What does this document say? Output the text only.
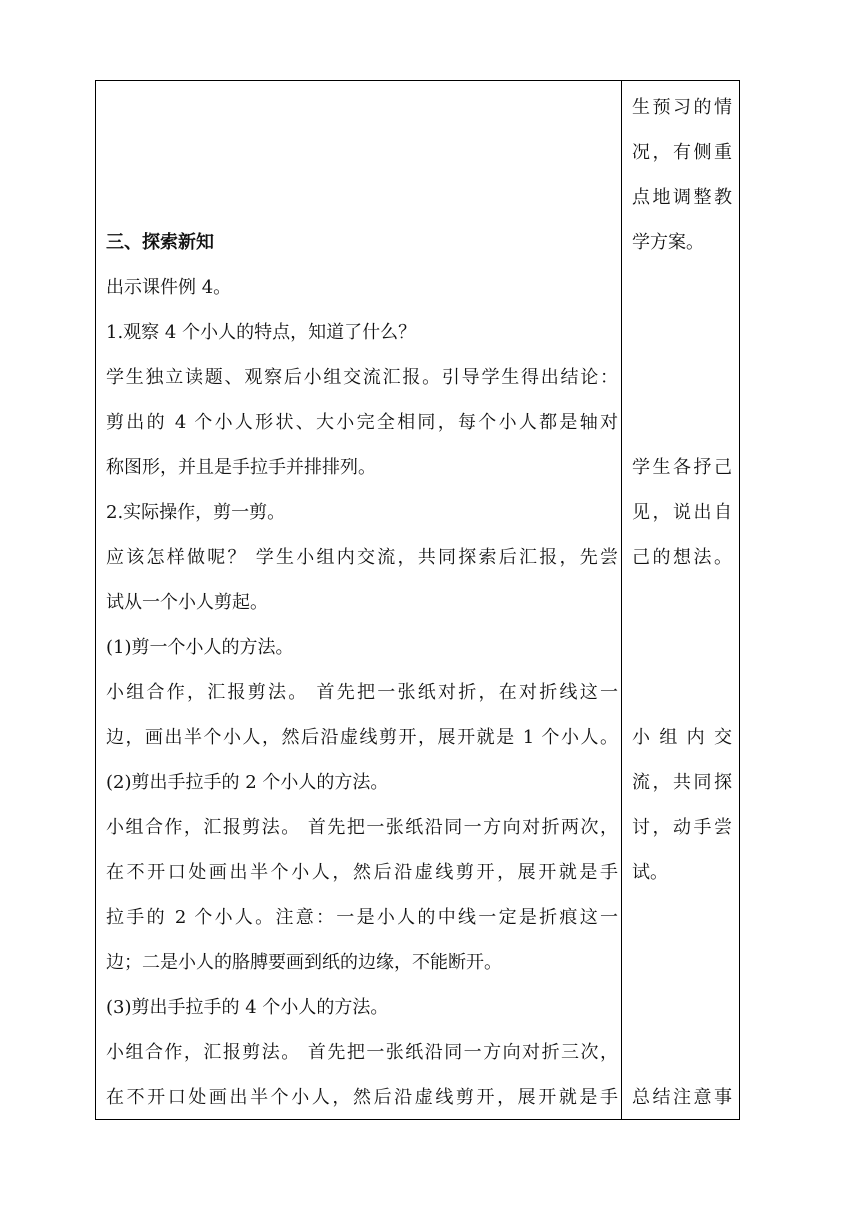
三、探索新知
出示课件例 4。
1.观察 4 个小人的特点，知道了什么？
学生独立读题、观察后小组交流汇报。引导学生得出结论：
剪出的 4 个小人形状、大小完全相同，每个小人都是轴对
称图形，并且是手拉手并排排列。
2.实际操作，剪一剪。
应该怎样做呢？ 学生小组内交流，共同探索后汇报，先尝
试从一个小人剪起。
(1)剪一个小人的方法。
小组合作，汇报剪法。 首先把一张纸对折，在对折线这一
边，画出半个小人，然后沿虚线剪开，展开就是 1 个小人。
(2)剪出手拉手的 2 个小人的方法。
小组合作，汇报剪法。 首先把一张纸沿同一方向对折两次，
在不开口处画出半个小人，然后沿虚线剪开，展开就是手
拉手的 2 个小人。注意：一是小人的中线一定是折痕这一
边；二是小人的胳膊要画到纸的边缘，不能断开。
(3)剪出手拉手的 4 个小人的方法。
小组合作，汇报剪法。 首先把一张纸沿同一方向对折三次，
在不开口处画出半个小人，然后沿虚线剪开，展开就是手
生预习的情
况，有侧重
点地调整教
学方案。
学生各抒己
见，说出自
己的想法。
小 组 内 交
流，共同探
讨，动手尝
试。
总结注意事
